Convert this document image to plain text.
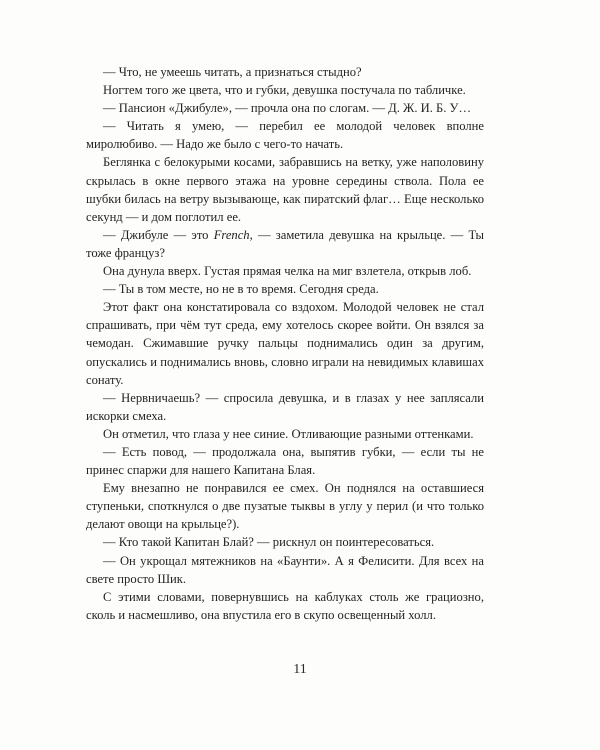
— Что, не умеешь читать, а признаться стыдно?

Ногтем того же цвета, что и губки, девушка постучала по табличке.

— Пансион «Джибуле», — прочла она по слогам. — Д. Ж. И. Б. У…

— Читать я умею, — перебил ее молодой человек вполне миролюбиво. — Надо же было с чего-то начать.

Беглянка с белокурыми косами, забравшись на ветку, уже наполовину скрылась в окне первого этажа на уровне середины ствола. Пола ее шубки билась на ветру вызывающе, как пиратский флаг… Еще несколько секунд — и дом поглотил ее.

— Джибуле — это French, — заметила девушка на крыльце. — Ты тоже француз?

Она дунула вверх. Густая прямая челка на миг взлетела, открыв лоб.

— Ты в том месте, но не в то время. Сегодня среда.

Этот факт она констатировала со вздохом. Молодой человек не стал спрашивать, при чём тут среда, ему хотелось скорее войти. Он взялся за чемодан. Сжимавшие ручку пальцы поднимались один за другим, опускались и поднимались вновь, словно играли на невидимых клавишах сонату.

— Нервничаешь? — спросила девушка, и в глазах у нее заплясали искорки смеха.

Он отметил, что глаза у нее синие. Отливающие разными оттенками.

— Есть повод, — продолжала она, выпятив губки, — если ты не принес спаржи для нашего Капитана Блая.

Ему внезапно не понравился ее смех. Он поднялся на оставшиеся ступеньки, споткнулся о две пузатые тыквы в углу у перил (и что только делают овощи на крыльце?).

— Кто такой Капитан Блай? — рискнул он поинтересоваться.

— Он укрощал мятежников на «Баунти». А я Фелисити. Для всех на свете просто Шик.

С этими словами, повернувшись на каблуках столь же грациозно, сколь и насмешливо, она впустила его в скупо освещенный холл.

11
